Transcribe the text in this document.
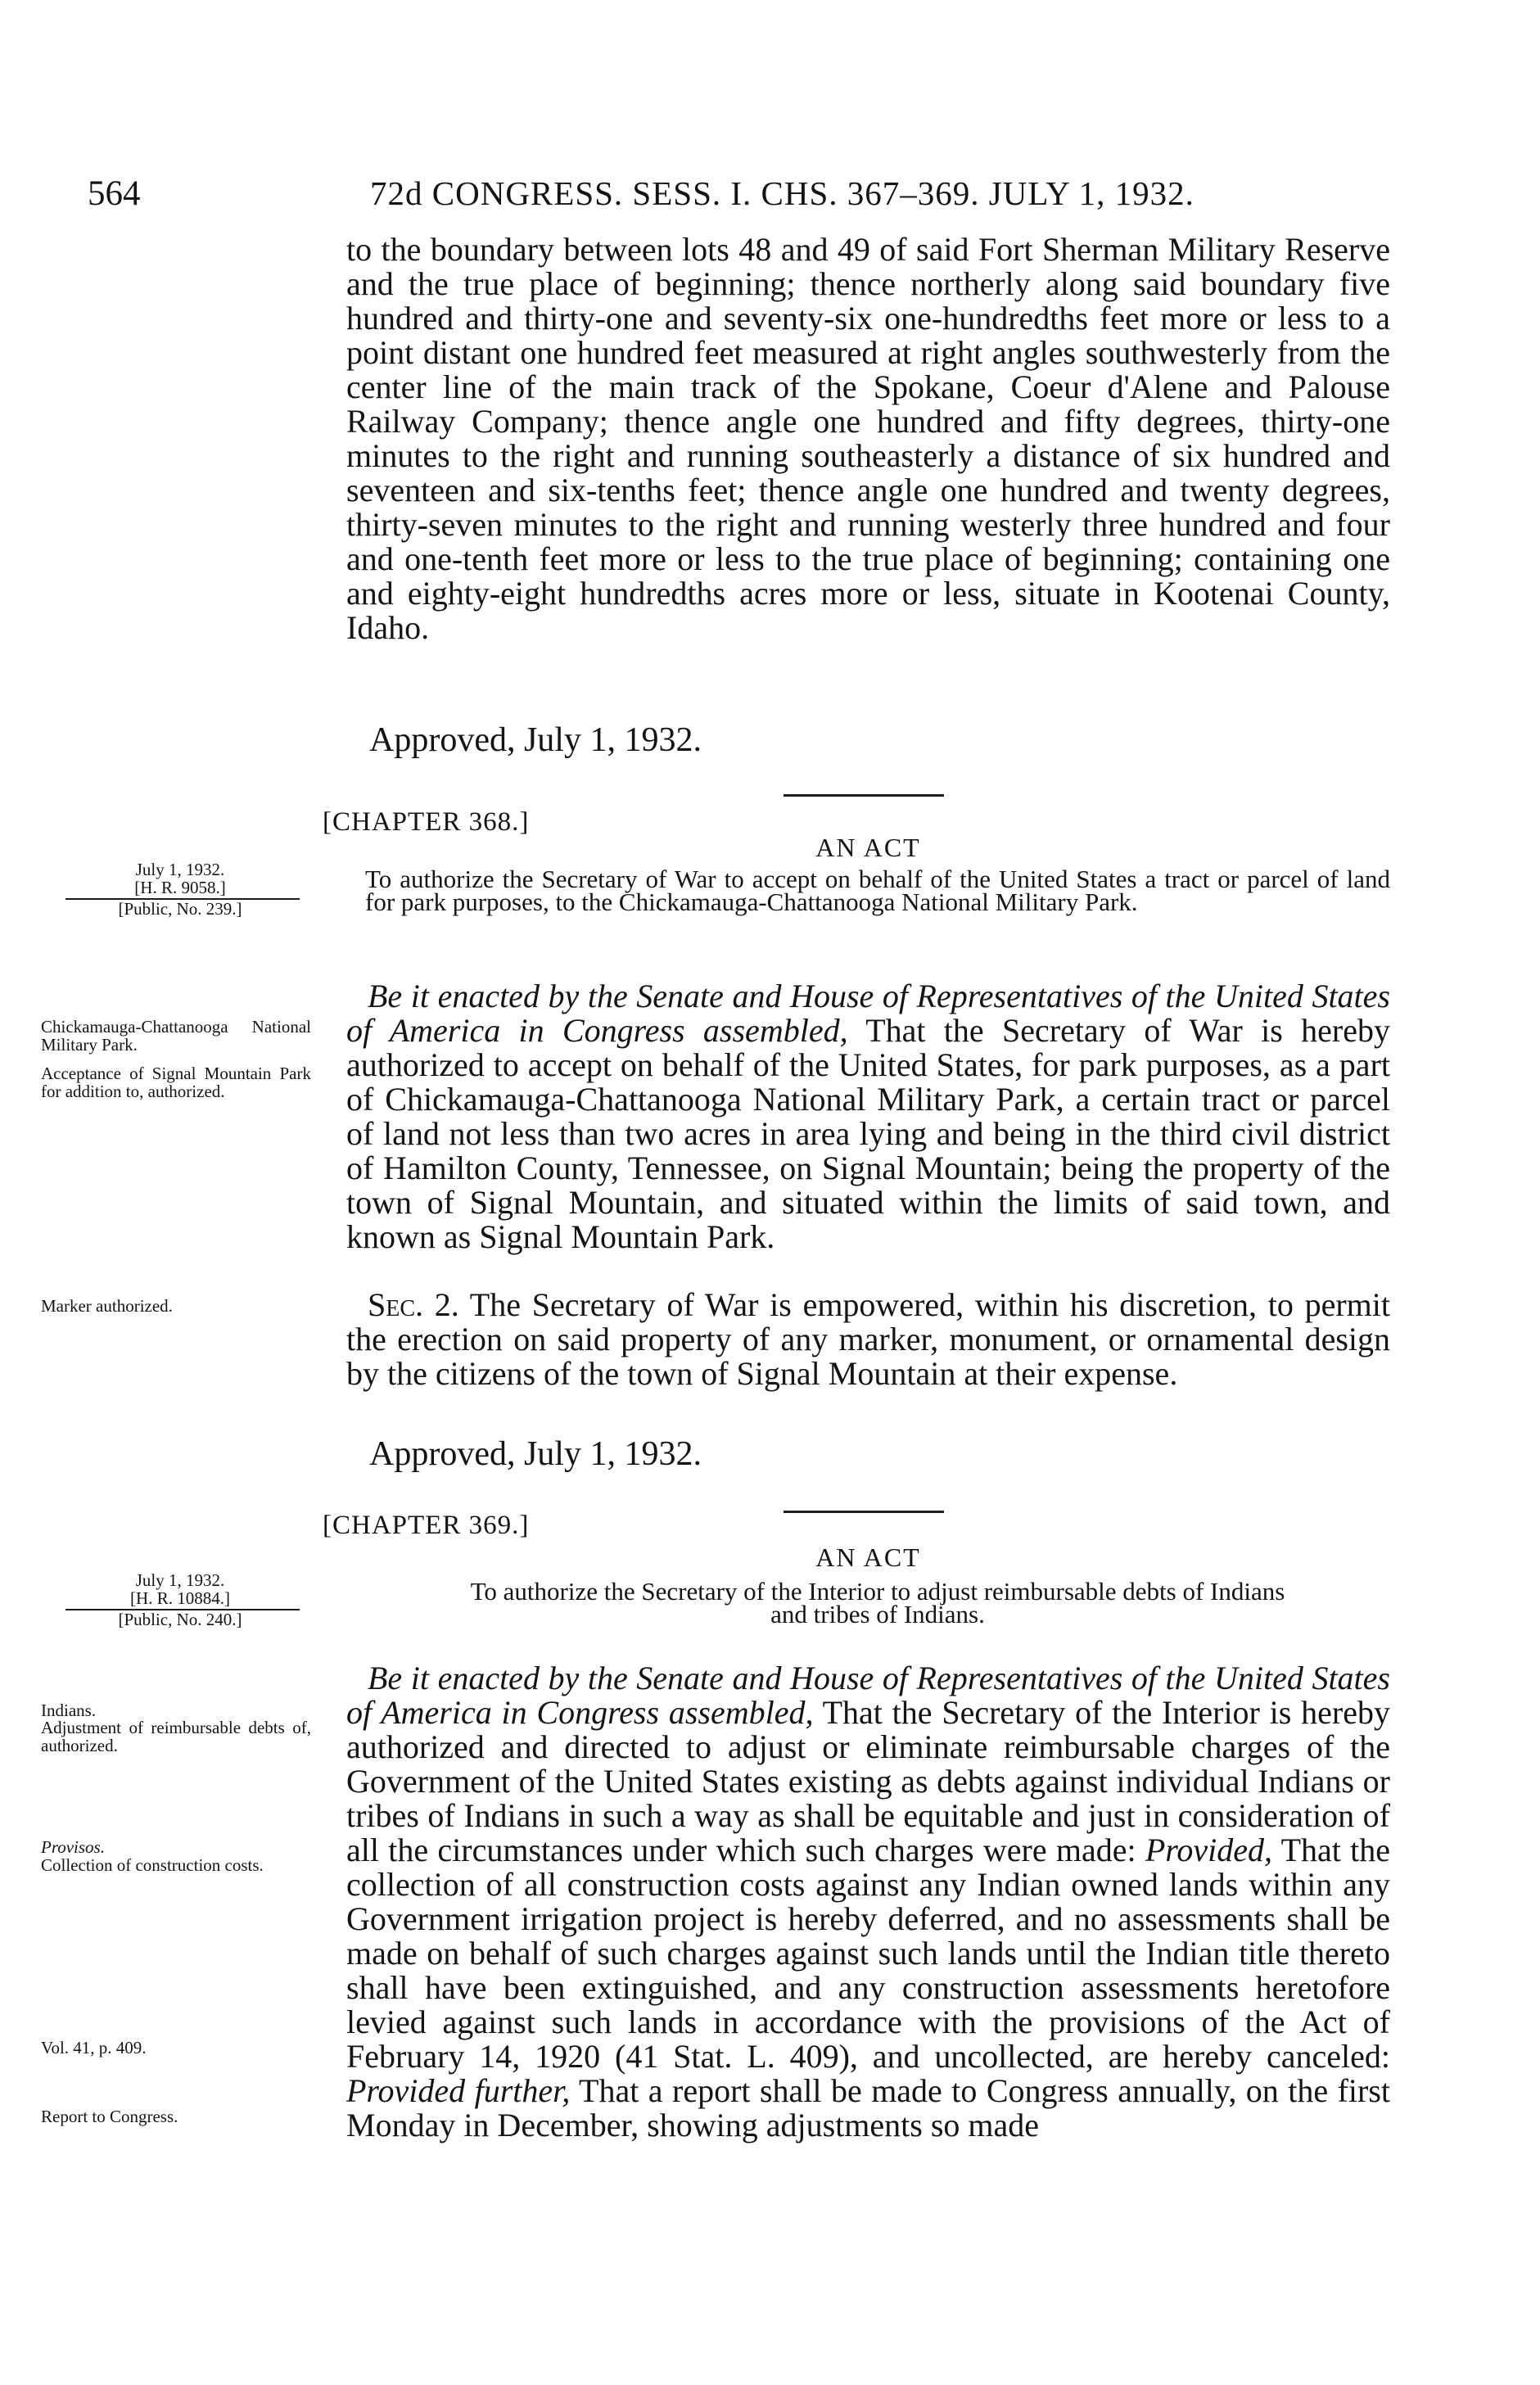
564	72d CONGRESS. SESS. I. CHS. 367–369. JULY 1, 1932.

to the boundary between lots 48 and 49 of said Fort Sherman Military Reserve and the true place of beginning; thence northerly along said boundary five hundred and thirty-one and seventy-six one-hundredths feet more or less to a point distant one hundred feet measured at right angles southwesterly from the center line of the main track of the Spokane, Coeur d'Alene and Palouse Railway Company; thence angle one hundred and fifty degrees, thirty-one minutes to the right and running southeasterly a distance of six hundred and seventeen and six-tenths feet; thence angle one hundred and twenty degrees, thirty-seven minutes to the right and running westerly three hundred and four and one-tenth feet more or less to the true place of beginning; containing one and eighty-eight hundredths acres more or less, situate in Kootenai County, Idaho.

Approved, July 1, 1932.
[CHAPTER 368.]
AN ACT
July 1, 1932.
[H. R. 9058.]
[Public, No. 239.]
To authorize the Secretary of War to accept on behalf of the United States a tract or parcel of land for park purposes, to the Chickamauga-Chattanooga National Military Park.

Be it enacted by the Senate and House of Representatives of the United States of America in Congress assembled, That the Secretary of War is hereby authorized to accept on behalf of the United States, for park purposes, as a part of Chickamauga-Chattanooga National Military Park, a certain tract or parcel of land not less than two acres in area lying and being in the third civil district of Hamilton County, Tennessee, on Signal Mountain; being the property of the town of Signal Mountain, and situated within the limits of said town, and known as Signal Mountain Park.

Chickamauga-Chattanooga National Military Park.
Acceptance of Signal Mountain Park for addition to, authorized.

Sec. 2. The Secretary of War is empowered, within his discretion, to permit the erection on said property of any marker, monument, or ornamental design by the citizens of the town of Signal Mountain at their expense.

Marker authorized.
Approved, July 1, 1932.
[CHAPTER 369.]
AN ACT
July 1, 1932.
[H. R. 10884.]
[Public, No. 240.]
To authorize the Secretary of the Interior to adjust reimbursable debts of Indians
and tribes of Indians.

Be it enacted by the Senate and House of Representatives of the United States of America in Congress assembled, That the Secretary of the Interior is hereby authorized and directed to adjust or eliminate reimbursable charges of the Government of the United States existing as debts against individual Indians or tribes of Indians in such a way as shall be equitable and just in consideration of all the circumstances under which such charges were made: Provided, That the collection of all construction costs against any Indian owned lands within any Government irrigation project is hereby deferred, and no assessments shall be made on behalf of such charges against such lands until the Indian title thereto shall have been extinguished, and any construction assessments heretofore levied against such lands in accordance with the provisions of the Act of February 14, 1920 (41 Stat. L. 409), and uncollected, are hereby canceled: Provided further, That a report shall be made to Congress annually, on the first Monday in December, showing adjustments so made

Indians.
Adjustment of reimbursable debts of, authorized.
Provisos.
Collection of construction costs.
Vol. 41, p. 409.
Report to Congress.
